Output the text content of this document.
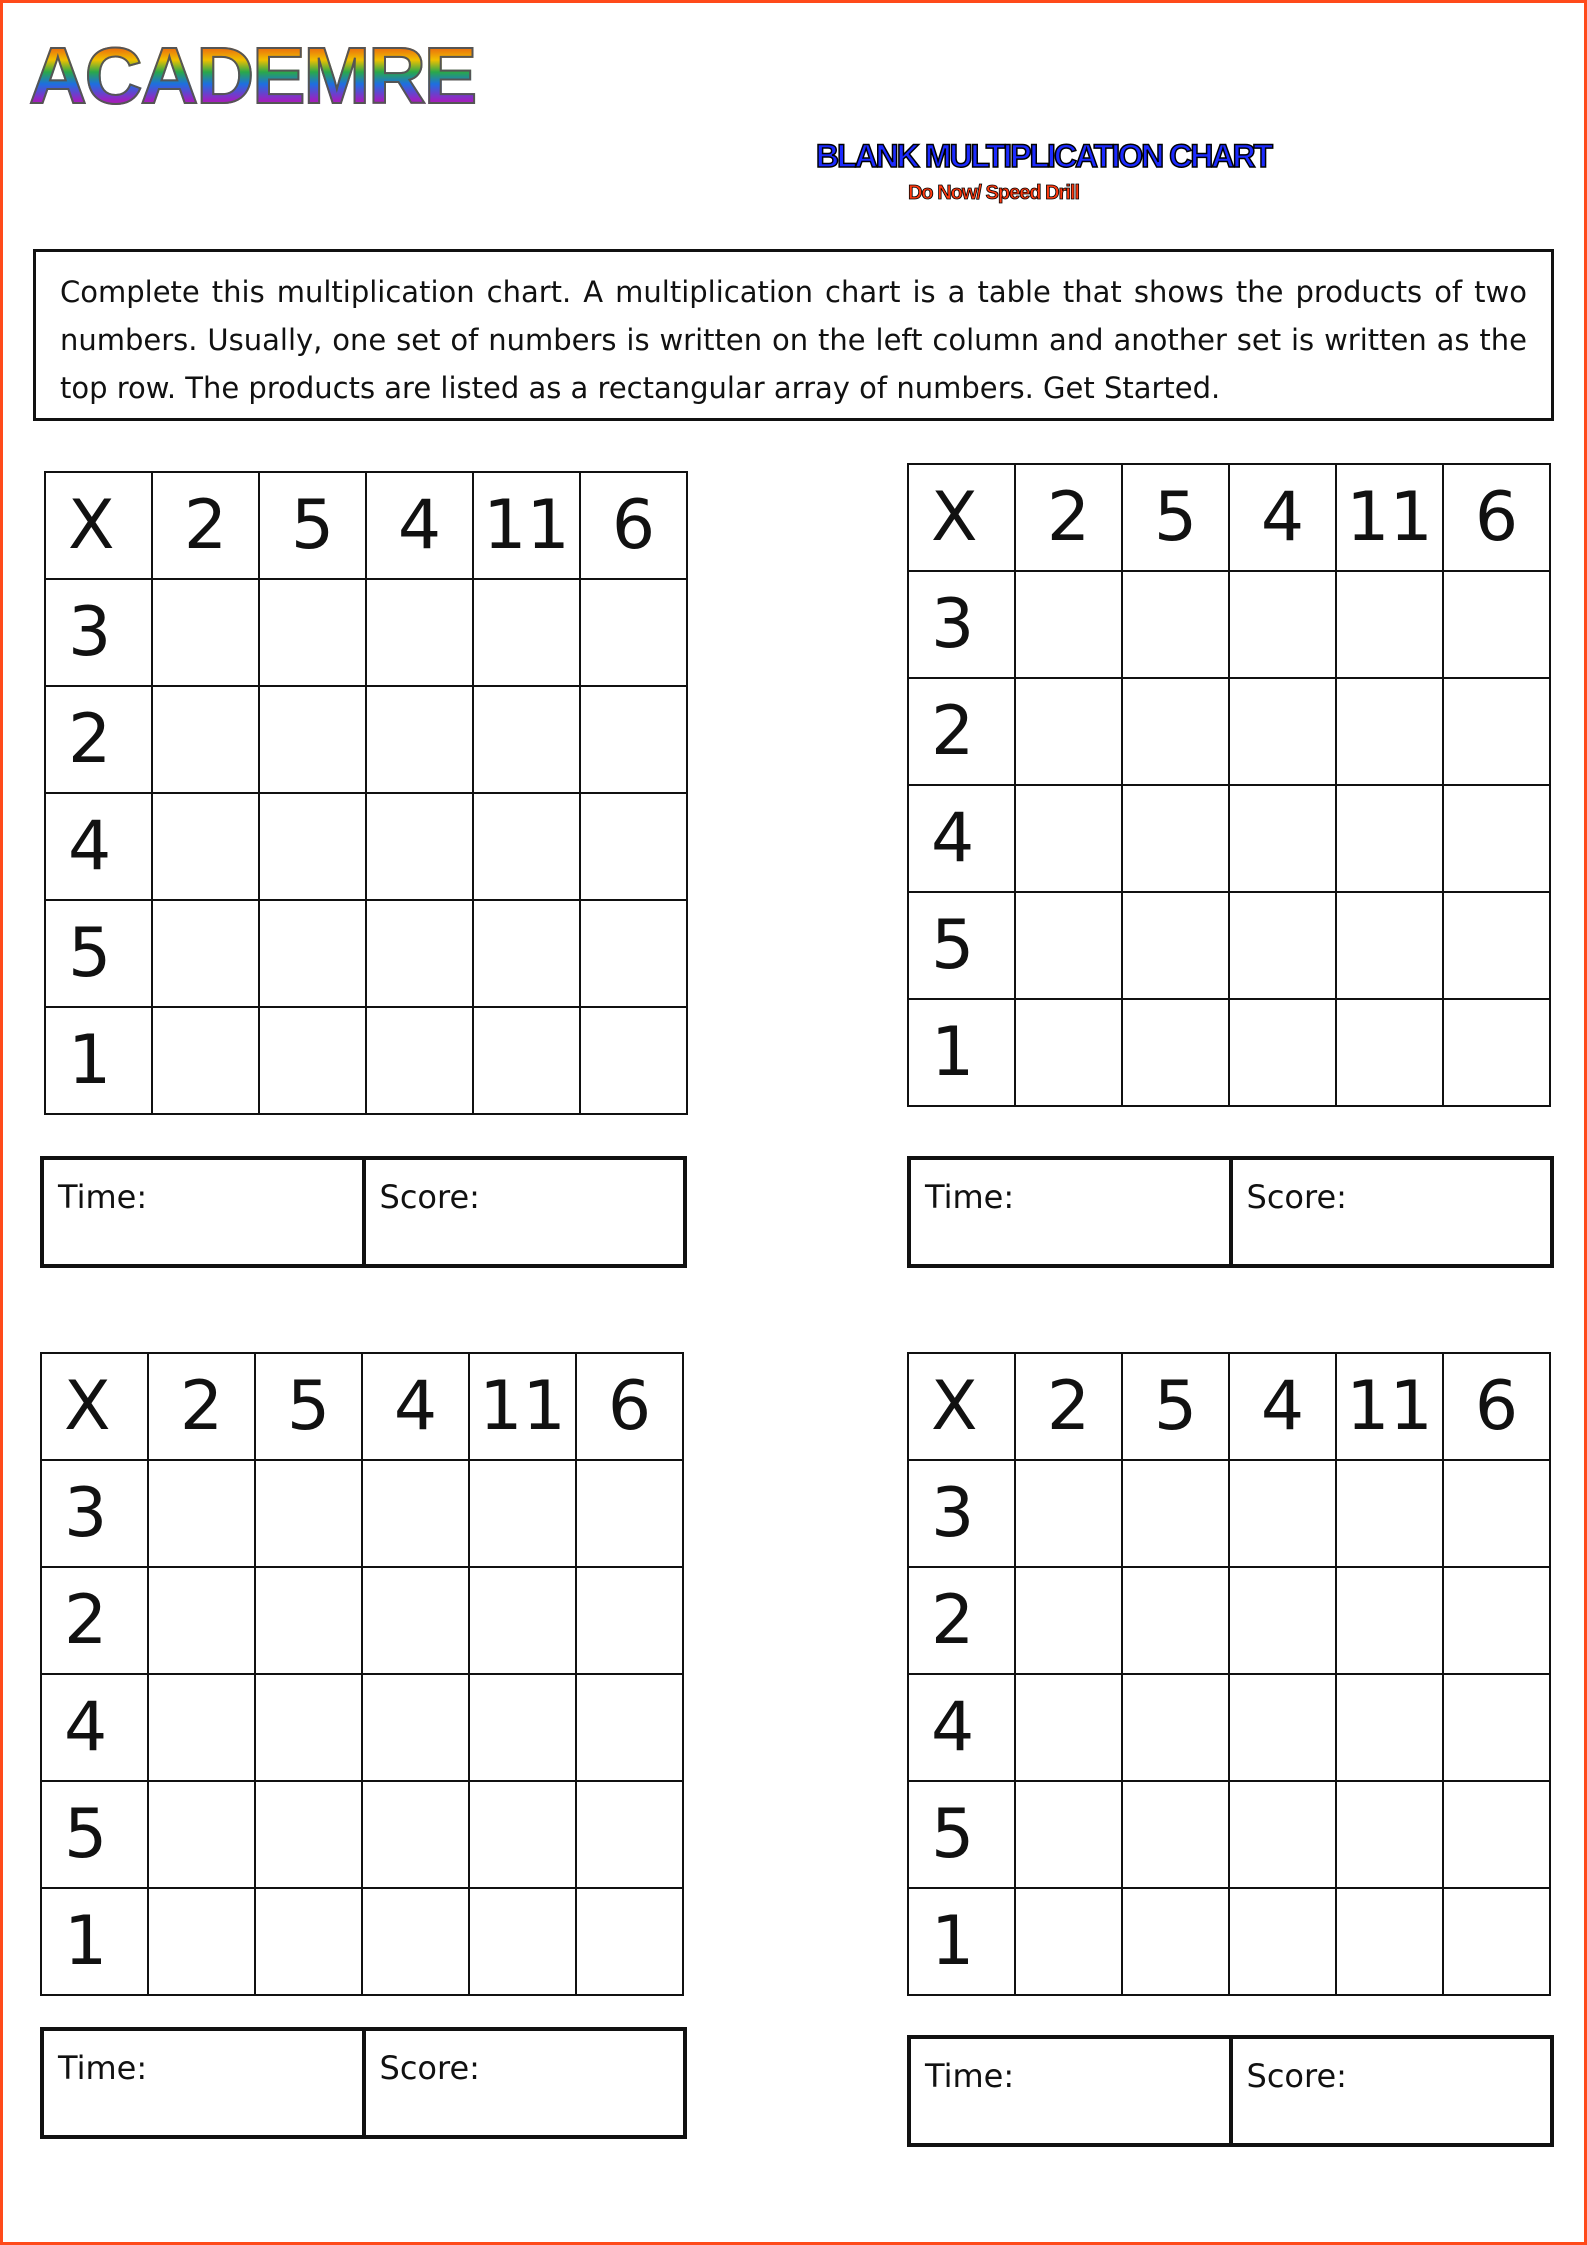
ACADEMRE
BLANK MULTIPLICATION CHART
Do Now/ Speed Drill
Complete this multiplication chart. A multiplication chart is a table that shows the products of two numbers. Usually, one set of numbers is written on the left column and another set is written as the top row. The products are listed as a rectangular array of numbers. Get Started.
X	2	5	4	11	6
3					
2					
4					
5					
1					
Time:	Score:
X	2	5	4	11	6
3					
2					
4					
5					
1					
Time:	Score:
X	2	5	4	11	6
3					
2					
4					
5					
1					
Time:	Score:
X	2	5	4	11	6
3					
2					
4					
5					
1					
Time:	Score:
